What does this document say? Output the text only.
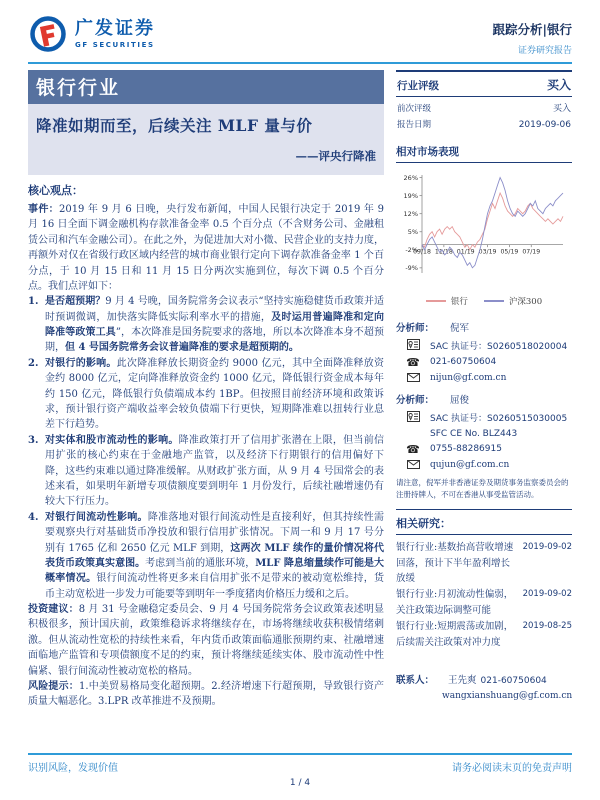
广发证券
GF SECURITIES
跟踪分析|银行
证券研究报告
银行行业
降准如期而至，后续关注 MLF 量与价
——评央行降准
核心观点：

事件：2019 年 9 月 6 日晚，央行发布新闻，中国人民银行决定于 2019 年 9 月 16 日全面下调金融机构存款准备金率 0.5 个百分点（不含财务公司、金融租赁公司和汽车金融公司）。在此之外，为促进加大对小微、民营企业的支持力度，再额外对仅在省级行政区域内经营的城市商业银行定向下调存款准备金率 1 个百分点，于 10 月 15 日和 11 月 15 日分两次实施到位，每次下调 0.5 个百分点。我们点评如下：

1. 是否超预期？9 月 4 号晚，国务院常务会议表示“坚持实施稳健货币政策并适时预调微调，加快落实降低实际利率水平的措施，及时运用普遍降准和定向降准等政策工具”，本次降准是国务院要求的落地，所以本次降准本身不超预期，但 4 号国务院常务会议普遍降准的要求是超预期的。

2. 对银行的影响。此次降准释放长期资金约 9000 亿元，其中全面降准释放资金约 8000 亿元，定向降准释放资金约 1000 亿元，降低银行资金成本每年约 150 亿元，降低银行负债端成本约 1BP。但按照目前经济环境和政策诉求，预计银行资产端收益率会较负债端下行更快，短期降准难以扭转行业息差下行趋势。

3. 对实体和股市流动性的影响。降准政策打开了信用扩张潜在上限，但当前信用扩张的核心约束在于金融地产监管，以及经济下行期银行的信用偏好下降，这些约束难以通过降准缓解。从财政扩张方面，从 9 月 4 号国常会的表述来看，如果明年新增专项债额度要到明年 1 月份发行，后续社融增速仍有较大下行压力。

4. 对银行间流动性影响。降准落地对银行间流动性是直接利好，但其持续性需要观察央行对基础货币净投放和银行信用扩张情况。下周一和 9 月 17 号分别有 1765 亿和 2650 亿元 MLF 到期，这两次 MLF 续作的量价情况将代表货币政策真实意图。考虑到当前的通胀环境，MLF 降息缩量续作可能是大概率情况。银行间流动性将更多来自信用扩张不足带来的被动宽松维持，货币主动宽松进一步发力可能要等到明年一季度猪肉价格压力缓和之后。

投资建议：8 月 31 号金融稳定委员会、9 月 4 号国务院常务会议政策表述明显积极很多，预计国庆前，政策维稳诉求将继续存在，市场将继续收获积极情绪刺激。但从流动性宽松的持续性来看，年内货币政策面临通胀预期约束、社融增速面临地产监管和专项债额度不足的约束，预计将继续延续实体、股市流动性中性偏紧、银行间流动性被动宽松的格局。

风险提示：1.中美贸易格局变化超预期。2.经济增速下行超预期，导致银行资产质量大幅恶化。3.LPR 改革推进不及预期。

行业评级	买入
前次评级	买入
报告日期	2019-09-06
相对市场表现
26%
19%
12%
5%
-2%
-9%
09/18 11/18 01/19 03/19 05/19 07/19
银行	沪深300
分析师： 倪军
SAC 执证号：S0260518020004
☎ 021-60750604
nijun@gf.com.cn
分析师： 屈俊
SAC 执证号：S0260515030005
SFC CE No. BLZ443
☎ 0755-88286915
qujun@gf.com.cn
请注意，倪军并非香港证券及期货事务监察委员会的注册持牌人，不可在香港从事受监管活动。
相关研究：
银行行业:基数抬高营收增速回落，预计下半年盈利增长放缓
2019-09-02
银行行业:月初流动性偏弱，关注政策边际调整可能
2019-09-02
银行行业:短期震荡或加剧，后续需关注政策对冲力度
2019-08-25
联系人： 王先爽 021-60750604
wangxianshuang@gf.com.cn
识别风险，发现价值	请务必阅读末页的免责声明
1 / 4
